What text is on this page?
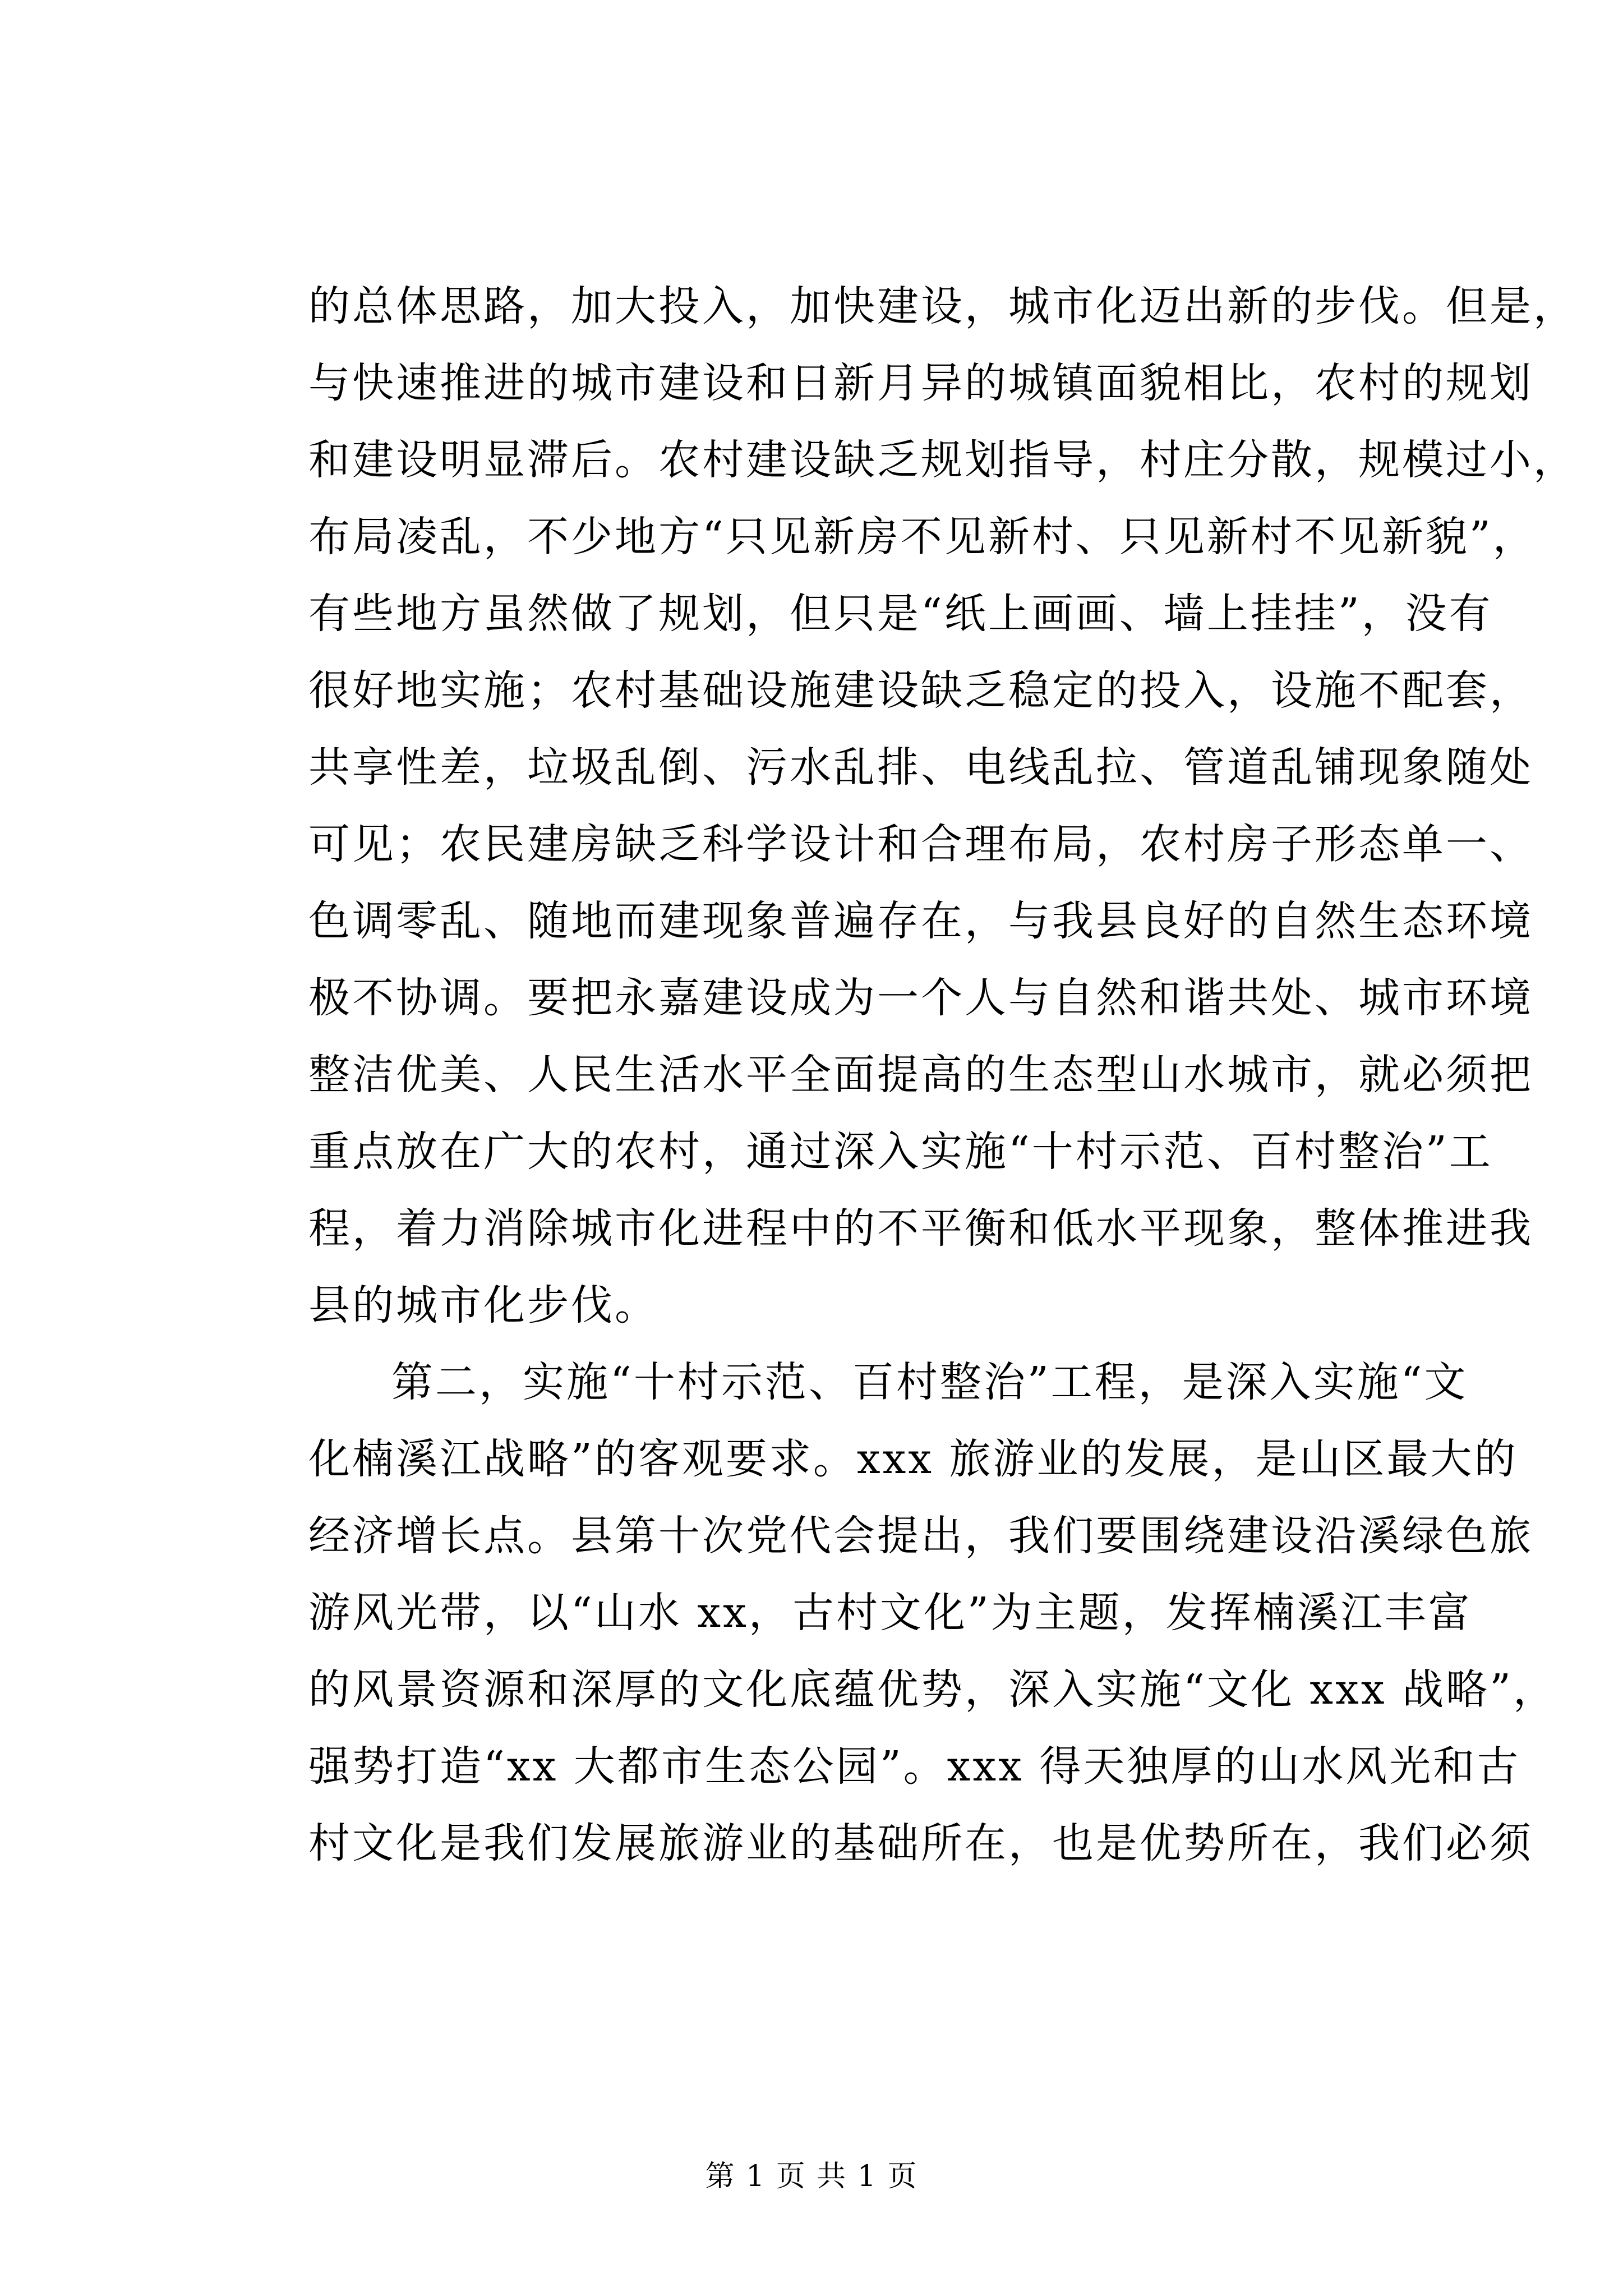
的总体思路，加大投入，加快建设，城市化迈出新的步伐。但是，
与快速推进的城市建设和日新月异的城镇面貌相比，农村的规划
和建设明显滞后。农村建设缺乏规划指导，村庄分散，规模过小，
布局凌乱，不少地方“只见新房不见新村、只见新村不见新貌”，
有些地方虽然做了规划，但只是“纸上画画、墙上挂挂”，没有
很好地实施；农村基础设施建设缺乏稳定的投入，设施不配套，
共享性差，垃圾乱倒、污水乱排、电线乱拉、管道乱铺现象随处
可见；农民建房缺乏科学设计和合理布局，农村房子形态单一、
色调零乱、随地而建现象普遍存在，与我县良好的自然生态环境
极不协调。要把永嘉建设成为一个人与自然和谐共处、城市环境
整洁优美、人民生活水平全面提高的生态型山水城市，就必须把
重点放在广大的农村，通过深入实施“十村示范、百村整治”工
程，着力消除城市化进程中的不平衡和低水平现象，整体推进我
县的城市化步伐。
第二，实施“十村示范、百村整治”工程，是深入实施“文
化楠溪江战略”的客观要求。xxx 旅游业的发展，是山区最大的
经济增长点。县第十次党代会提出，我们要围绕建设沿溪绿色旅
游风光带，以“山水 xx，古村文化”为主题，发挥楠溪江丰富
的风景资源和深厚的文化底蕴优势，深入实施“文化 xxx 战略”，
强势打造“xx 大都市生态公园”。xxx 得天独厚的山水风光和古
村文化是我们发展旅游业的基础所在，也是优势所在，我们必须
第 1 页 共 1 页
